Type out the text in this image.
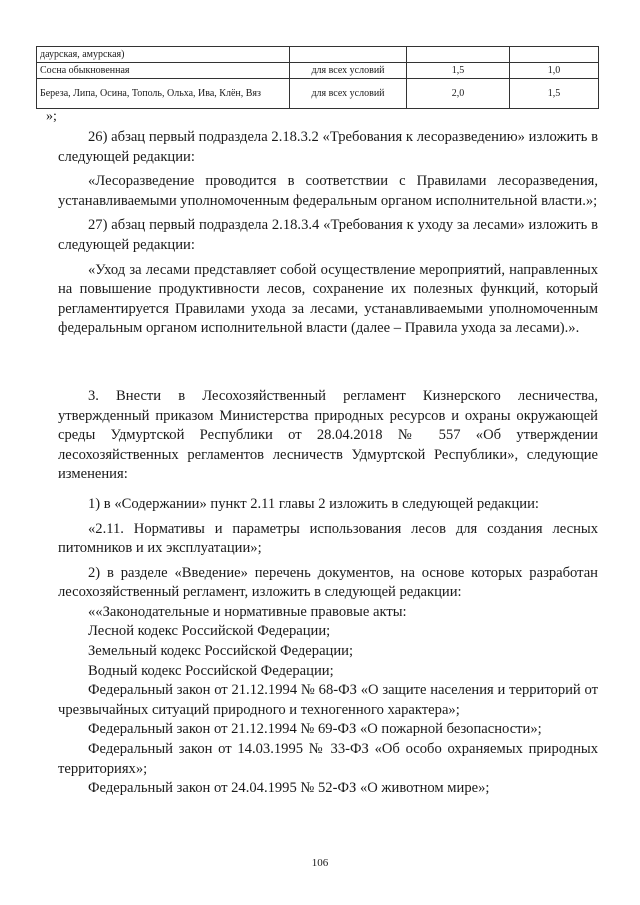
даурская, амурская)			
Сосна обыкновенная	для всех условий	1,5	1,0
Береза, Липа, Осина, Тополь, Ольха, Ива, Клён, Вяз	для всех условий	2,0	1,5
»;

26) абзац первый подраздела 2.18.3.2 «Требования к лесоразведению» изложить в следующей редакции:

«Лесоразведение проводится в соответствии с Правилами лесоразведения, устанавливаемыми уполномоченным федеральным органом исполнительной власти.»;

27) абзац первый подраздела 2.18.3.4 «Требования к уходу за лесами» изложить в следующей редакции:

«Уход за лесами представляет собой осуществление мероприятий, направленных на повышение продуктивности лесов, сохранение их полезных функций, который регламентируется Правилами ухода за лесами, устанавливаемыми уполномоченным федеральным органом исполнительной власти (далее – Правила ухода за лесами).».

3. Внести в Лесохозяйственный регламент Кизнерского лесничества, утвержденный приказом Министерства природных ресурсов и охраны окружающей среды Удмуртской Республики от 28.04.2018 № 557 «Об утверждении лесохозяйственных регламентов лесничеств Удмуртской Республики», следующие изменения:

1) в «Содержании» пункт 2.11 главы 2 изложить в следующей редакции:

«2.11. Нормативы и параметры использования лесов для создания лесных питомников и их эксплуатации»;

2) в разделе «Введение» перечень документов, на основе которых разработан лесохозяйственный регламент, изложить в следующей редакции:

««Законодательные и нормативные правовые акты:

Лесной кодекс Российской Федерации;

Земельный кодекс Российской Федерации;

Водный кодекс Российской Федерации;

Федеральный закон от 21.12.1994 № 68-ФЗ «О защите населения и территорий от чрезвычайных ситуаций природного и техногенного характера»;

Федеральный закон от 21.12.1994 № 69-ФЗ «О пожарной безопасности»;

Федеральный закон от 14.03.1995 № 33-ФЗ «Об особо охраняемых природных территориях»;

Федеральный закон от 24.04.1995 № 52-ФЗ «О животном мире»;

106
